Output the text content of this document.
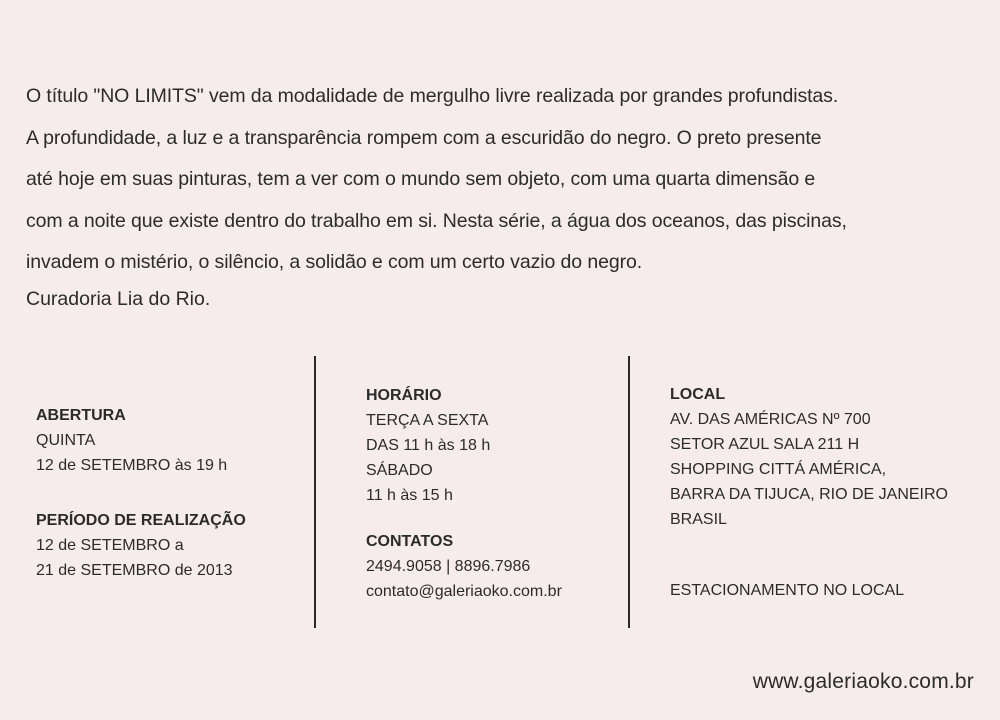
O título "NO LIMITS" vem da modalidade de mergulho livre realizada por grandes profundistas.

A profundidade, a luz e a transparência rompem com a escuridão do negro. O preto presente

até hoje em suas pinturas, tem a ver com o mundo sem objeto, com uma quarta dimensão e

com a noite que existe dentro do trabalho em si. Nesta série, a água dos oceanos, das piscinas,

invadem o mistério, o silêncio, a solidão e com um certo vazio do negro.

Curadoria Lia do Rio.

ABERTURA
QUINTA
12 de SETEMBRO às 19 h
PERÍODO DE REALIZAÇÃO
12 de SETEMBRO a
21 de SETEMBRO de 2013
HORÁRIO
TERÇA A SEXTA
DAS 11 h às 18 h
SÁBADO
11 h às 15 h
CONTATOS
2494.9058 | 8896.7986
contato@galeriaoko.com.br
LOCAL
AV. DAS AMÉRICAS Nº 700
SETOR AZUL SALA 211 H
SHOPPING CITTÁ AMÉRICA,
BARRA DA TIJUCA, RIO DE JANEIRO
BRASIL
ESTACIONAMENTO NO LOCAL
www.galeriaoko.com.br
